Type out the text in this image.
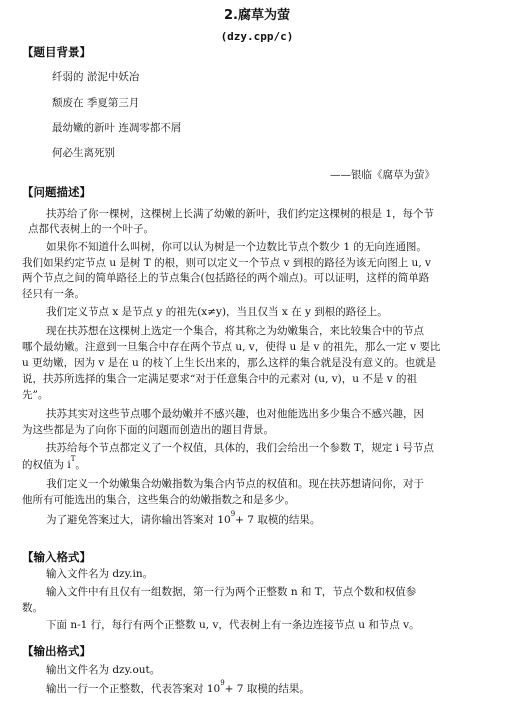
2.腐草为萤
(dzy.cpp/c)
【题目背景】
纤弱的 淤泥中妖冶
颓废在 季夏第三月
最幼嫩的新叶 连凋零都不屑
何必生离死别
——银临《腐草为萤》
【问题描述】
扶苏给了你一棵树，这棵树上长满了幼嫩的新叶，我们约定这棵树的根是 1，每个节
点都代表树上的一个叶子。
如果你不知道什么叫树，你可以认为树是一个边数比节点个数少 1 的无向连通图。
我们如果约定节点 u 是树 T 的根，则可以定义一个节点 v 到根的路径为该无向图上 u, v
两个节点之间的简单路径上的节点集合(包括路径的两个端点)。可以证明，这样的简单路
径只有一条。
我们定义节点 x 是节点 y 的祖先(x≠y)，当且仅当 x 在 y 到根的路径上。
现在扶苏想在这棵树上选定一个集合，将其称之为幼嫩集合，来比较集合中的节点
哪个最幼嫩。注意到一旦集合中存在两个节点 u, v，使得 u 是 v 的祖先，那么一定 v 要比
u 更幼嫩，因为 v 是在 u 的枝丫上生长出来的，那么这样的集合就是没有意义的。也就是
说，扶苏所选择的集合一定满足要求“对于任意集合中的元素对 (u, v)，u 不是 v 的祖
先”。
扶苏其实对这些节点哪个最幼嫩并不感兴趣，也对他能选出多少集合不感兴趣，因
为这些都是为了向你下面的问题而创造出的题目背景。
扶苏给每个节点都定义了一个权值，具体的，我们会给出一个参数 T，规定 i 号节点
的权值为 $i^T$。
我们定义一个幼嫩集合幼嫩指数为集合内节点的权值和。现在扶苏想请问你，对于
他所有可能选出的集合，这些集合的幼嫩指数之和是多少。
为了避免答案过大，请你输出答案对 $10^9+ 7$ 取模的结果。
【输入格式】
输入文件名为 dzy.in。
输入文件中有且仅有一组数据，第一行为两个正整数 n 和 T，节点个数和权值参
数。
下面 n-1 行，每行有两个正整数 u, v，代表树上有一条边连接节点 u 和节点 v。
【输出格式】
输出文件名为 dzy.out。
输出一行一个正整数，代表答案对 $10^9+ 7$ 取模的结果。
